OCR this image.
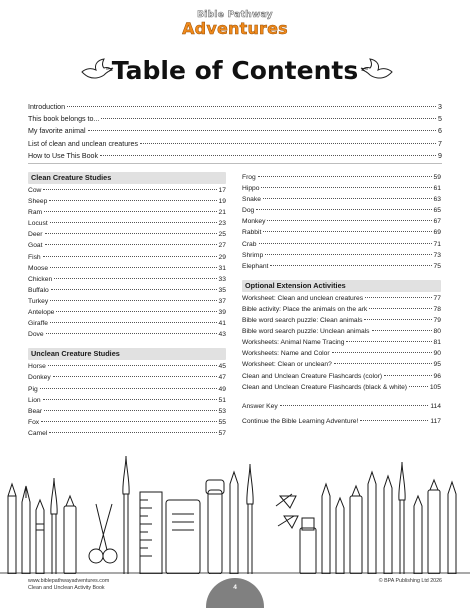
Bible Pathway
Adventures
Table of Contents
Introduction	3
This book belongs to...	5
My favorite animal	6
List of clean and unclean creatures	7
How to Use This Book	9
Clean Creature Studies
Cow	17
Sheep	19
Ram	21
Locust	23
Deer	25
Goat	27
Fish	29
Moose	31
Chicken	33
Buffalo	35
Turkey	37
Antelope	39
Giraffe	41
Dove	43
Unclean Creature Studies
Horse	45
Donkey	47
Pig	49
Lion	51
Bear	53
Fox	55
Camel	57
Frog	59
Hippo	61
Snake	63
Dog	65
Monkey	67
Rabbit	69
Crab	71
Shrimp	73
Elephant	75
Optional Extension Activities
Worksheet: Clean and unclean creatures	77
Bible activity: Place the animals on the ark	78
Bible word search puzzle: Clean animals	79
Bible word search puzzle: Unclean animals	80
Worksheets: Animal Name Tracing	81
Worksheets: Name and Color	90
Worksheet: Clean or unclean?	95
Clean and Unclean Creature Flashcards (color)	96
Clean and Unclean Creature Flashcards (black & white)	105
Answer Key	114
Continue the Bible Learning Adventure!	117
www.biblepathwayadventures.com
Clean and Unclean Activity Book	4
© BPA Publishing Ltd 2026
